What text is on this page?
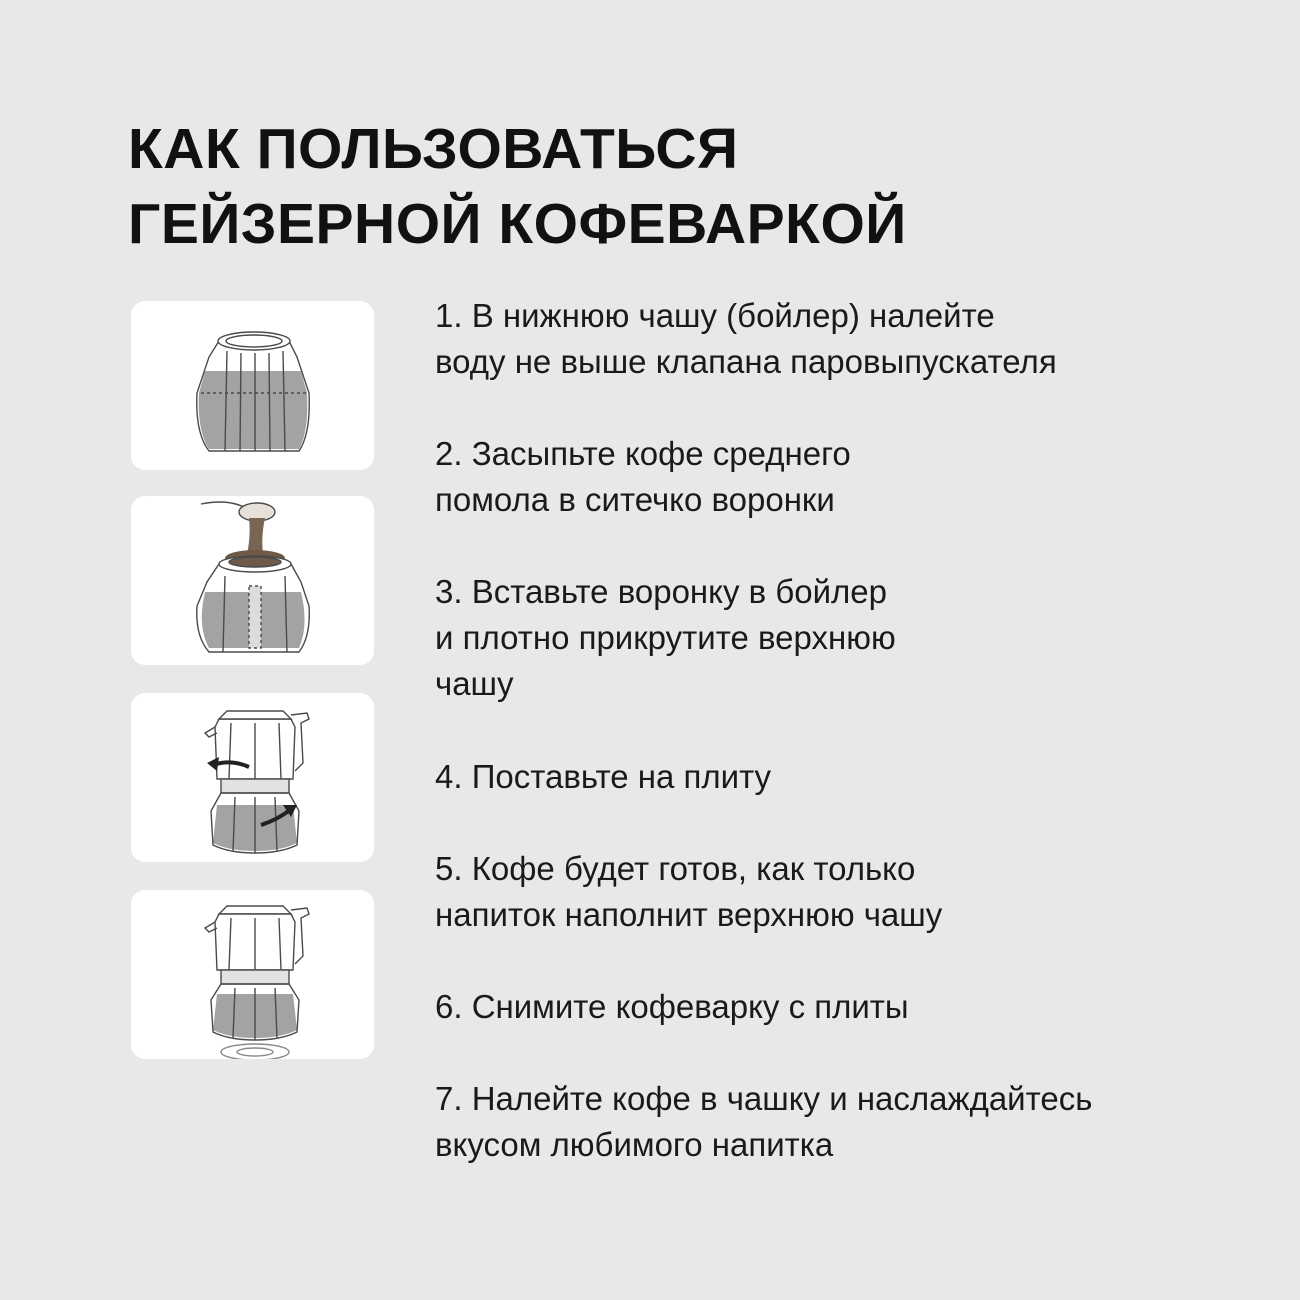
КАК ПОЛЬЗОВАТЬСЯ
ГЕЙЗЕРНОЙ КОФЕВАРКОЙ
1. В нижнюю чашу (бойлер) налейте
воду не выше клапана паровыпускателя
2. Засыпьте кофе среднего
помола в ситечко воронки
3. Вставьте воронку в бойлер
и плотно прикрутите верхнюю
чашу
4. Поставьте на плиту
5. Кофе будет готов, как только
напиток наполнит верхнюю чашу
6. Снимите кофеварку с плиты
7. Налейте кофе в чашку и наслаждайтесь
вкусом любимого напитка
